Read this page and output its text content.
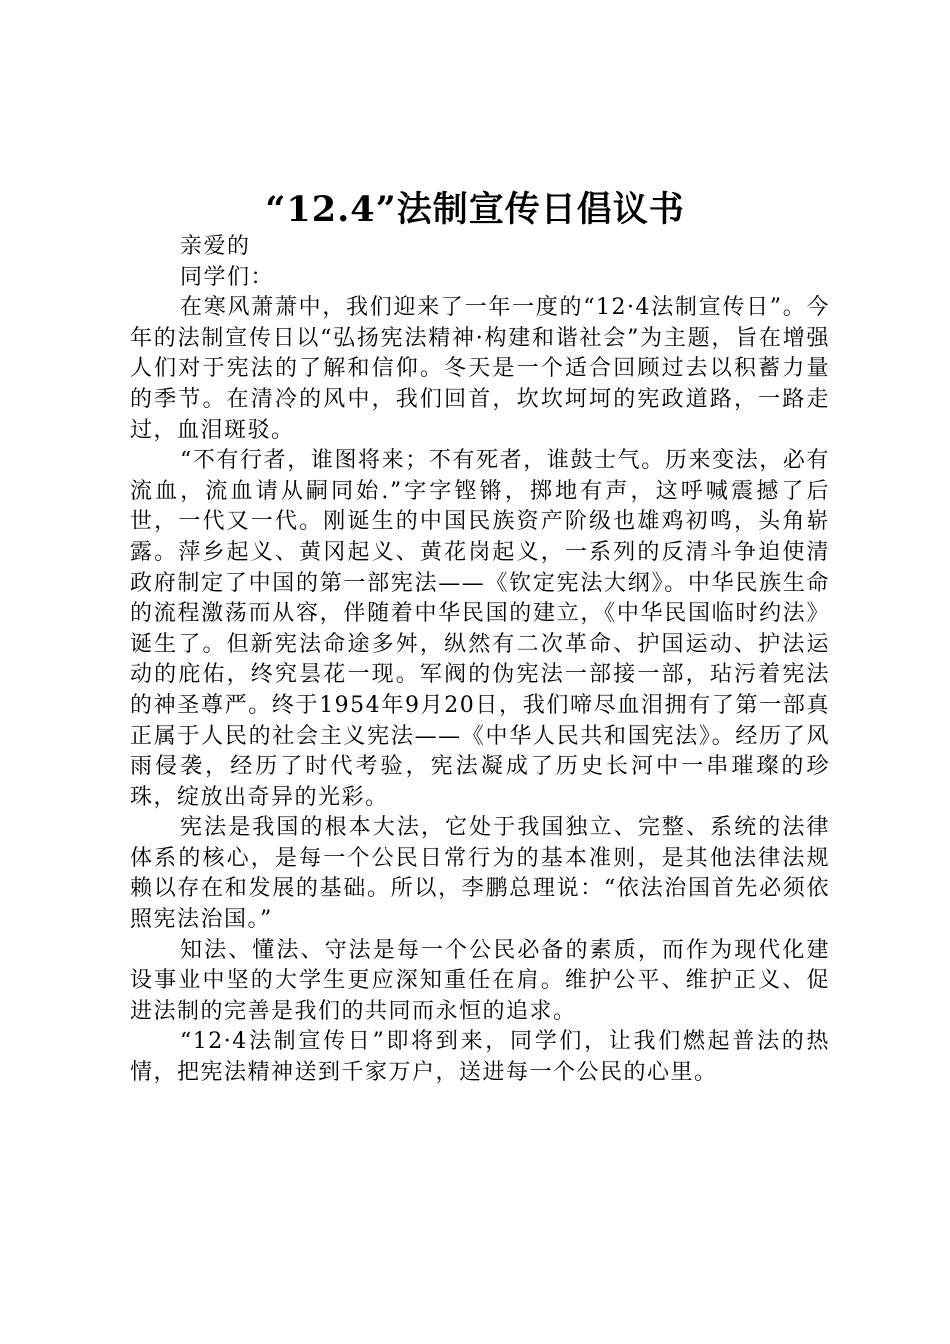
“12.4”法制宣传日倡议书

亲爱的

同学们：

在寒风萧萧中，我们迎来了一年一度的“12·4法制宣传日”。今年的法制宣传日以“弘扬宪法精神·构建和谐社会”为主题，旨在增强人们对于宪法的了解和信仰。冬天是一个适合回顾过去以积蓄力量的季节。在清冷的风中，我们回首，坎坎坷坷的宪政道路，一路走过，血泪斑驳。

“不有行者，谁图将来；不有死者，谁鼓士气。历来变法，必有流血，流血请从嗣同始.”字字铿锵，掷地有声，这呼喊震撼了后世，一代又一代。刚诞生的中国民族资产阶级也雄鸡初鸣，头角崭露。萍乡起义、黄冈起义、黄花岗起义，一系列的反清斗争迫使清政府制定了中国的第一部宪法——《钦定宪法大纲》。中华民族生命的流程激荡而从容，伴随着中华民国的建立，《中华民国临时约法》诞生了。但新宪法命途多舛，纵然有二次革命、护国运动、护法运动的庇佑，终究昙花一现。军阀的伪宪法一部接一部，玷污着宪法的神圣尊严。终于1954年9月20日，我们啼尽血泪拥有了第一部真正属于人民的社会主义宪法——《中华人民共和国宪法》。经历了风雨侵袭，经历了时代考验，宪法凝成了历史长河中一串璀璨的珍珠，绽放出奇异的光彩。

宪法是我国的根本大法，它处于我国独立、完整、系统的法律体系的核心，是每一个公民日常行为的基本准则，是其他法律法规赖以存在和发展的基础。所以，李鹏总理说：“依法治国首先必须依照宪法治国。”

知法、懂法、守法是每一个公民必备的素质，而作为现代化建设事业中坚的大学生更应深知重任在肩。维护公平、维护正义、促进法制的完善是我们的共同而永恒的追求。

“12·4法制宣传日”即将到来，同学们，让我们燃起普法的热情，把宪法精神送到千家万户，送进每一个公民的心里。
